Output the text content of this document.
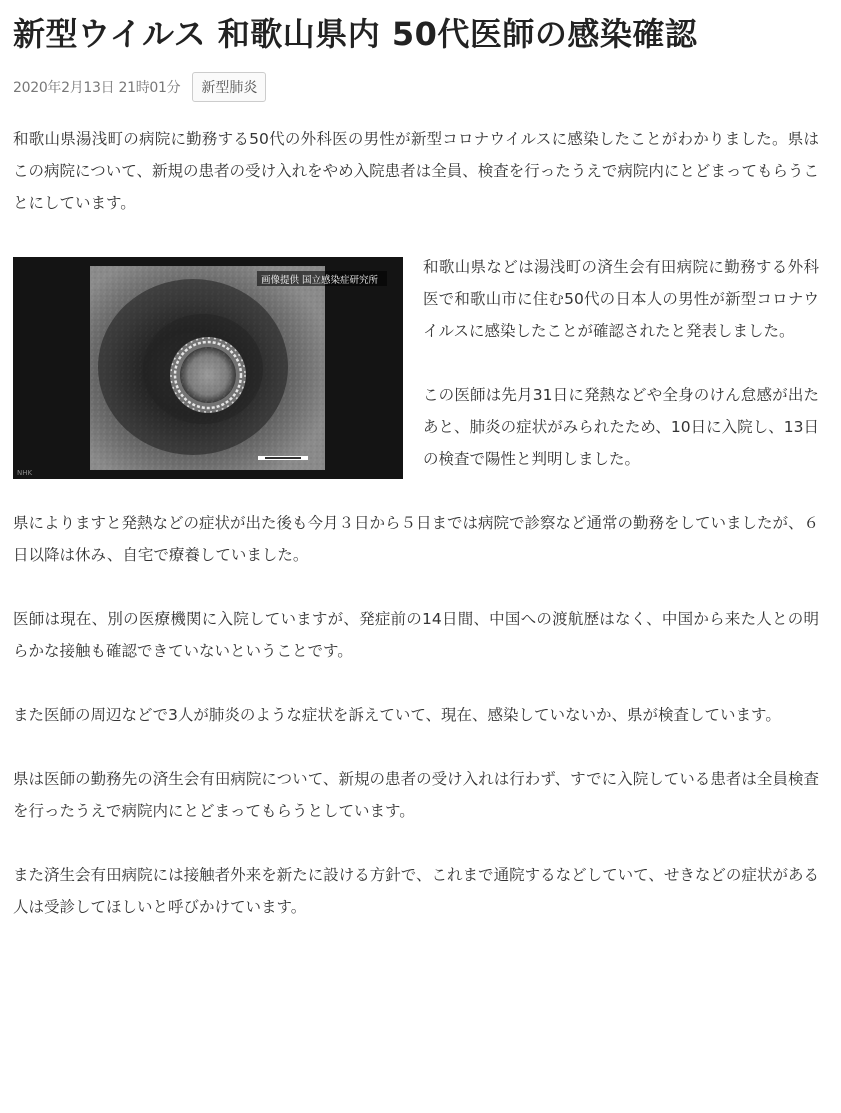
新型ウイルス 和歌山県内 50代医師の感染確認
2020年2月13日 21時01分	新型肺炎

和歌山県湯浅町の病院に勤務する50代の外科医の男性が新型コロナウイルスに感染したことがわかりました。県はこの病院について、新規の患者の受け入れをやめ入院患者は全員、検査を行ったうえで病院内にとどまってもらうことにしています。

画像提供 国立感染症研究所
NHK

和歌山県などは湯浅町の済生会有田病院に勤務する外科医で和歌山市に住む50代の日本人の男性が新型コロナウイルスに感染したことが確認されたと発表しました。

この医師は先月31日に発熱などや全身のけん怠感が出たあと、肺炎の症状がみられたため、10日に入院し、13日の検査で陽性と判明しました。

県によりますと発熱などの症状が出た後も今月３日から５日までは病院で診察など通常の勤務をしていましたが、６日以降は休み、自宅で療養していました。

医師は現在、別の医療機関に入院していますが、発症前の14日間、中国への渡航歴はなく、中国から来た人との明らかな接触も確認できていないということです。

また医師の周辺などで3人が肺炎のような症状を訴えていて、現在、感染していないか、県が検査しています。

県は医師の勤務先の済生会有田病院について、新規の患者の受け入れは行わず、すでに入院している患者は全員検査を行ったうえで病院内にとどまってもらうとしています。

また済生会有田病院には接触者外来を新たに設ける方針で、これまで通院するなどしていて、せきなどの症状がある人は受診してほしいと呼びかけています。
